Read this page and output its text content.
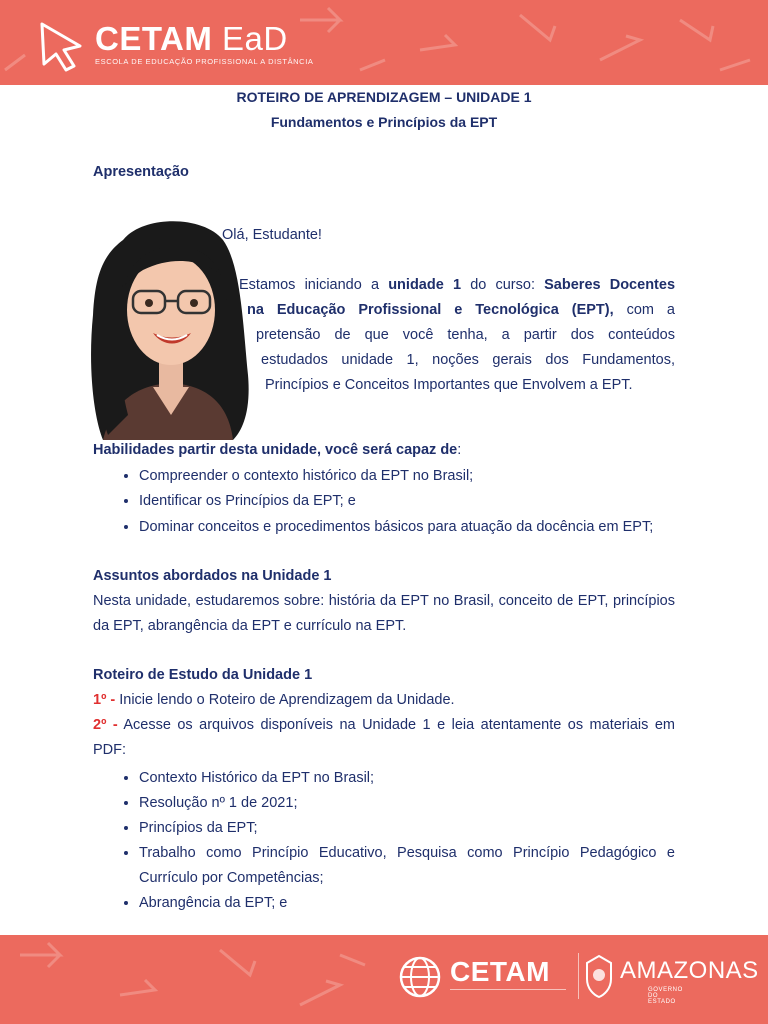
CETAM EaD
ESCOLA DE EDUCAÇÃO PROFISSIONAL A DISTÂNCIA
ROTEIRO DE APRENDIZAGEM – UNIDADE 1
Fundamentos e Princípios da EPT
Apresentação
Olá, Estudante!
Estamos iniciando a unidade 1 do curso: Saberes Docentes
na Educação Profissional e Tecnológica (EPT), com a
pretensão de que você tenha, a partir dos conteúdos
estudados unidade 1, noções gerais dos Fundamentos,
Princípios e Conceitos Importantes que Envolvem a EPT.
Habilidades partir desta unidade, você será capaz de:
• Compreender o contexto histórico da EPT no Brasil;
• Identificar os Princípios da EPT; e
• Dominar conceitos e procedimentos básicos para atuação da docência em EPT;
Assuntos abordados na Unidade 1
Nesta unidade, estudaremos sobre: história da EPT no Brasil, conceito de EPT, princípios da EPT, abrangência da EPT e currículo na EPT.
Roteiro de Estudo da Unidade 1
1º - Inicie lendo o Roteiro de Aprendizagem da Unidade.
2º - Acesse os arquivos disponíveis na Unidade 1 e leia atentamente os materiais em PDF:
• Contexto Histórico da EPT no Brasil;
• Resolução nº 1 de 2021;
• Princípios da EPT;
• Trabalho como Princípio Educativo, Pesquisa como Princípio Pedagógico e Currículo por Competências;
• Abrangência da EPT; e
CETAM	AMAZONAS
GOVERNO DO ESTADO
